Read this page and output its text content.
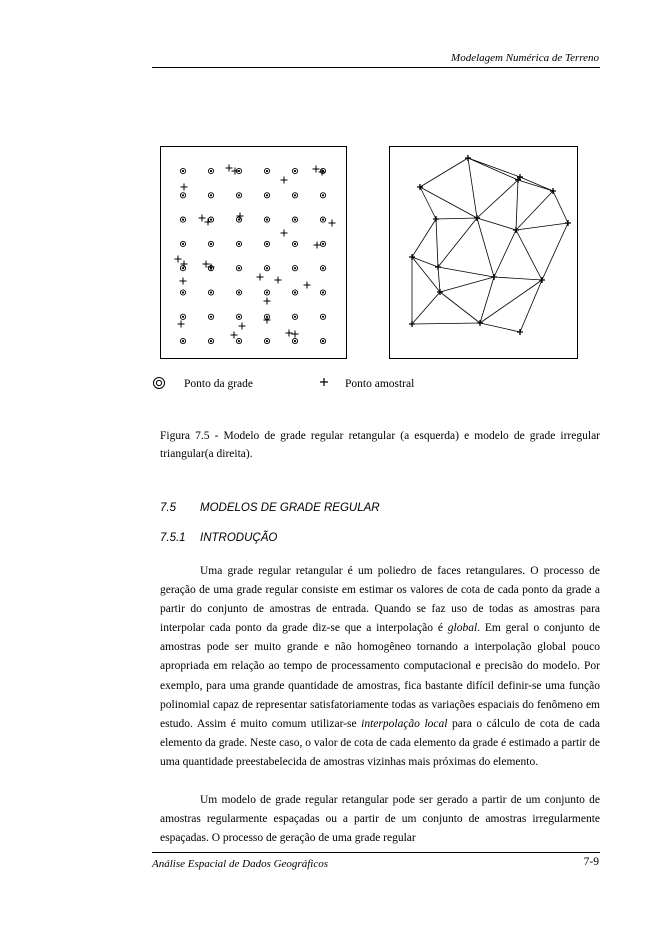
Modelagem Numérica de Terreno
Ponto da grade	Ponto amostral
Figura 7.5 - Modelo de grade regular retangular (a esquerda) e modelo de grade irregular triangular(a direita).
7.5 MODELOS DE GRADE REGULAR
7.5.1 INTRODUÇÃO

Uma grade regular retangular é um poliedro de faces retangulares. O processo de geração de uma grade regular consiste em estimar os valores de cota de cada ponto da grade a partir do conjunto de amostras de entrada. Quando se faz uso de todas as amostras para interpolar cada ponto da grade diz-se que a interpolação é global. Em geral o conjunto de amostras pode ser muito grande e não homogêneo tornando a interpolação global pouco apropriada em relação ao tempo de processamento computacional e precisão do modelo. Por exemplo, para uma grande quantidade de amostras, fica bastante difícil definir-se uma função polinomial capaz de representar satisfatoriamente todas as variações espaciais do fenômeno em estudo. Assim é muito comum utilizar-se interpolação local para o cálculo de cota de cada elemento da grade. Neste caso, o valor de cota de cada elemento da grade é estimado a partir de uma quantidade preestabelecida de amostras vizinhas mais próximas do elemento.

Um modelo de grade regular retangular pode ser gerado a partir de um conjunto de amostras regularmente espaçadas ou a partir de um conjunto de amostras irregularmente espaçadas. O processo de geração de uma grade regular

Análise Espacial de Dados Geográficos	7-9
